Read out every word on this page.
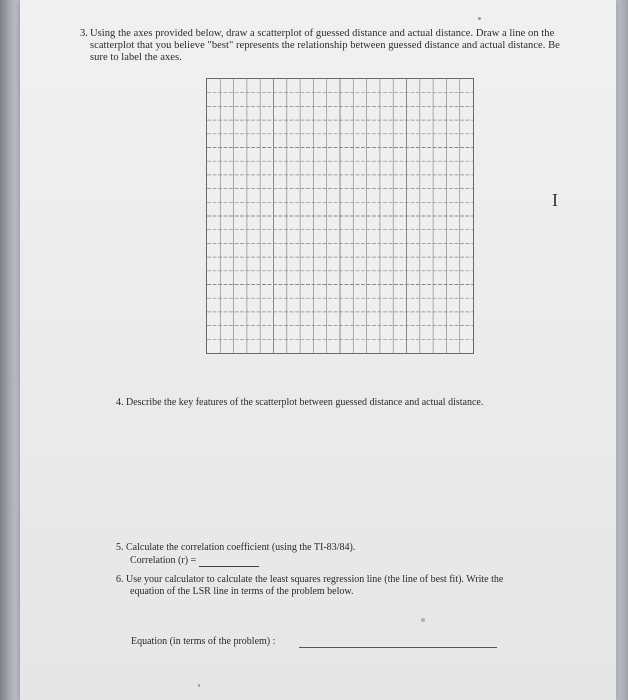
3. Using the axes provided below, draw a scatterplot of guessed distance and actual distance. Draw a line on the scatterplot that you believe "best" represents the relationship between guessed distance and actual distance. Be sure to label the axes.

I

4. Describe the key features of the scatterplot between guessed distance and actual distance.

5. Calculate the correlation coefficient (using the TI-83/84).
Correlation (r) =
6. Use your calculator to calculate the least squares regression line (the line of best fit). Write the
equation of the LSR line in terms of the problem below.

Equation (in terms of the problem) :
